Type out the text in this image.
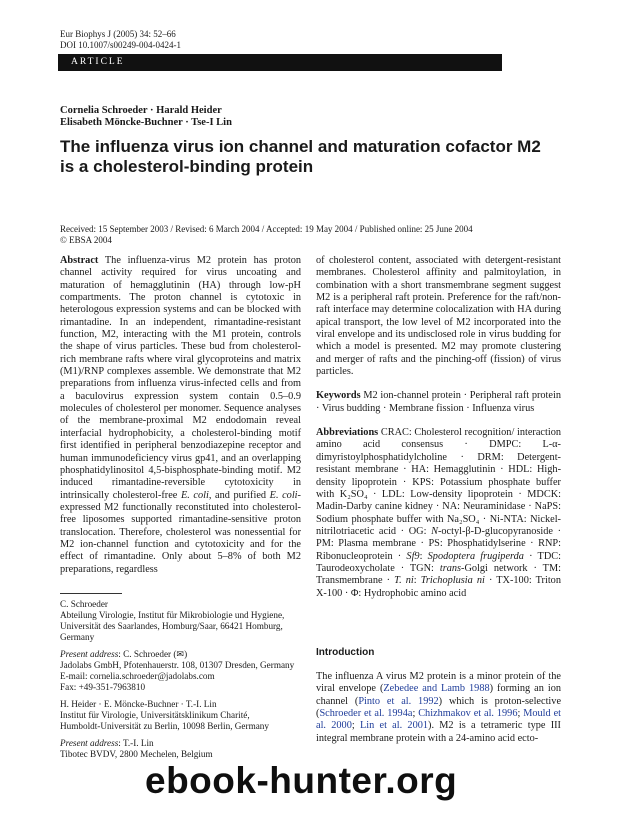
Eur Biophys J (2005) 34: 52–66
DOI 10.1007/s00249-004-0424-1
ARTICLE
Cornelia Schroeder · Harald Heider
Elisabeth Möncke-Buchner · Tse-I Lin
The influenza virus ion channel and maturation cofactor M2
is a cholesterol-binding protein
Received: 15 September 2003 / Revised: 6 March 2004 / Accepted: 19 May 2004 / Published online: 25 June 2004
© EBSA 2004
Abstract The influenza-virus M2 protein has proton channel activity required for virus uncoating and maturation of hemagglutinin (HA) through low-pH compartments. The proton channel is cytotoxic in heterologous expression systems and can be blocked with rimantadine. In an independent, rimantadine-resistant function, M2, interacting with the M1 protein, controls the shape of virus particles. These bud from cholesterol-rich membrane rafts where viral glycoproteins and matrix (M1)/RNP complexes assemble. We demonstrate that M2 preparations from influenza virus-infected cells and from a baculovirus expression system contain 0.5–0.9 molecules of cholesterol per monomer. Sequence analyses of the membrane-proximal M2 endodomain reveal interfacial hydrophobicity, a cholesterol-binding motif first identified in peripheral benzodiazepine receptor and human immunodeficiency virus gp41, and an overlapping phosphatidylinositol 4,5-bisphosphate-binding motif. M2 induced rimantadine-reversible cytotoxicity in intrinsically cholesterol-free E. coli, and purified E. coli-expressed M2 functionally reconstituted into cholesterol-free liposomes supported rimantadine-sensitive proton translocation. Therefore, cholesterol was nonessential for M2 ion-channel function and cytotoxicity and for the effect of rimantadine. Only about 5–8% of both M2 preparations, regardless
of cholesterol content, associated with detergent-resistant membranes. Cholesterol affinity and palmitoylation, in combination with a short transmembrane segment suggest M2 is a peripheral raft protein. Preference for the raft/non-raft interface may determine colocalization with HA during apical transport, the low level of M2 incorporated into the viral envelope and its undisclosed role in virus budding for which a model is presented. M2 may promote clustering and merger of rafts and the pinching-off (fission) of virus particles.
Keywords M2 ion-channel protein · Peripheral raft protein · Virus budding · Membrane fission · Influenza virus
Abbreviations CRAC: Cholesterol recognition/ interaction amino acid consensus · DMPC: L-α-dimyristoylphosphatidylcholine · DRM: Detergent-resistant membrane · HA: Hemagglutinin · HDL: High-density lipoprotein · KPS: Potassium phosphate buffer with K₂SO₄ · LDL: Low-density lipoprotein · MDCK: Madin-Darby canine kidney · NA: Neuraminidase · NaPS: Sodium phosphate buffer with Na₂SO₄ · Ni-NTA: Nickel-nitrilotriacetic acid · OG: N-octyl-β-D-glucopyranoside · PM: Plasma membrane · PS: Phosphatidylserine · RNP: Ribonucleoprotein · Sf9: Spodoptera frugiperda · TDC: Taurodeoxycholate · TGN: trans-Golgi network · TM: Transmembrane · T. ni: Trichoplusia ni · TX-100: Triton X-100 · Φ: Hydrophobic amino acid
C. Schroeder
Abteilung Virologie, Institut für Mikrobiologie und Hygiene,
Universität des Saarlandes, Homburg/Saar, 66421 Homburg,
Germany
Present address: C. Schroeder (✉)
Jadolabs GmbH, Pfotenhauerstr. 108, 01307 Dresden, Germany
E-mail: cornelia.schroeder@jadolabs.com
Fax: +49-351-7963810
H. Heider · E. Möncke-Buchner · T.-I. Lin
Institut für Virologie, Universitätsklinikum Charité,
Humboldt-Universität zu Berlin, 10098 Berlin, Germany
Present address: T.-I. Lin
Tibotec BVDV, 2800 Mechelen, Belgium
Introduction
The influenza A virus M2 protein is a minor protein of the viral envelope (Zebedee and Lamb 1988) forming an ion channel (Pinto et al. 1992) which is proton-selective (Schroeder et al. 1994a; Chizhmakov et al. 1996; Mould et al. 2000; Lin et al. 2001). M2 is a tetrameric type III integral membrane protein with a 24-amino acid ecto-
ebook-hunter.org
